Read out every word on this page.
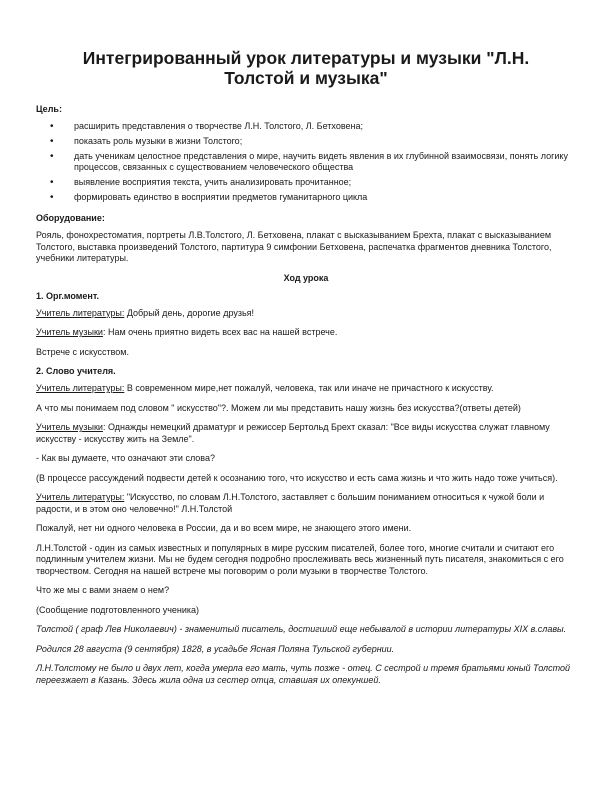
Интегрированный урок литературы и музыки "Л.Н.
Толстой и музыка"
Цель:
• расширить представления о творчестве Л.Н. Толстого, Л. Бетховена;
• показать роль музыки в жизни Толстого;
• дать ученикам целостное представления о мире, научить видеть явления в их глубинной взаимосвязи, понять логику процессов, связанных с существованием человеческого общества
• выявление восприятия текста, учить анализировать прочитанное;
• формировать единство в восприятии предметов гуманитарного цикла
Оборудование:

Рояль, фонохрестоматия, портреты Л.В.Толстого, Л. Бетховена, плакат с высказыванием Брехта, плакат с высказыванием Толстого, выставка произведений Толстого, партитура 9 симфонии Бетховена, распечатка фрагментов дневника Толстого, учебники литературы.

Ход урока
1. Орг.момент.

Учитель литературы: Добрый день, дорогие друзья!

Учитель музыки: Нам очень приятно видеть всех вас на нашей встрече.

Встрече с искусством.

2. Слово учителя.

Учитель литературы: В современном мире,нет пожалуй, человека, так или иначе не причастного к искусству.

А что мы понимаем под словом " искусство"?. Можем ли мы представить нашу жизнь без искусства?(ответы детей)

Учитель музыки: Однажды немецкий драматург и режиссер Бертольд Брехт сказал: "Все виды искусства служат главному искусству - искусству жить на Земле".

- Как вы думаете, что означают эти слова?

(В процессе рассуждений подвести детей к осознанию того, что искусство и есть сама жизнь и что жить надо тоже учиться).

Учитель литературы: "Искусство, по словам Л.Н.Толстого, заставляет с большим пониманием относиться к чужой боли и радости, и в этом оно человечно!" Л.Н.Толстой

Пожалуй, нет ни одного человека в России, да и во всем мире, не знающего этого имени.

Л.Н.Толстой - один из самых известных и популярных в мире русским писателей, более того, многие считали и считают его подлинным учителем жизни. Мы не будем сегодня подробно прослеживать весь жизненный путь писателя, знакомиться с его творчеством. Сегодня на нашей встрече мы поговорим о роли музыки в творчестве Толстого.

Что же мы с вами знаем о нем?

(Сообщение подготовленного ученика)

Толстой ( граф Лев Николаевич) - знаменитый писатель, достигший еще небывалой в истории литературы XIX в.славы.

Родился 28 августа (9 сентября) 1828, в усадьбе Ясная Поляна Тульской губернии.

Л.Н.Толстому не было и двух лет, когда умерла его мать, чуть позже - отец. С сестрой и тремя братьями юный Толстой переезжает в Казань. Здесь жила одна из сестер отца, ставшая их опекуншей.
